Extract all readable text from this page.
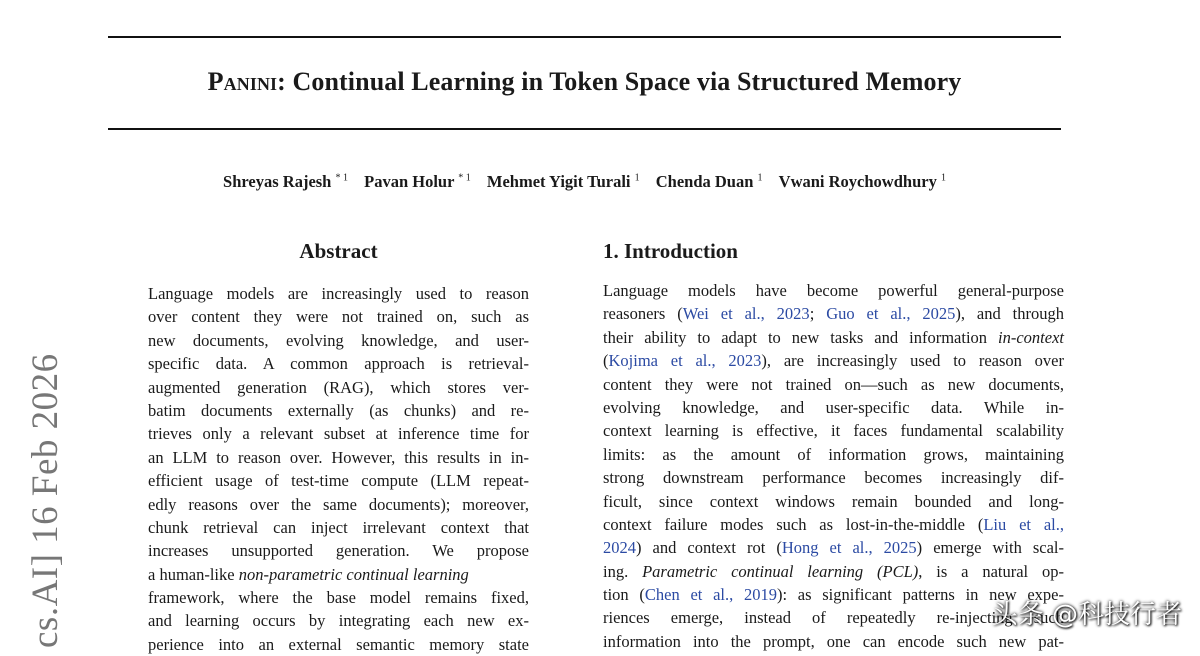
Panini: Continual Learning in Token Space via Structured Memory
Shreyas Rajesh $^{* 1}$ Pavan Holur $^{* 1}$ Mehmet Yigit Turali $^1$ Chenda Duan $^1$ Vwani Roychowdhury $^1$
cs.AI] 16 Feb 2026
Abstract
Language models are increasingly used to reason
over content they were not trained on, such as
new documents, evolving knowledge, and user-
specific data. A common approach is retrieval-
augmented generation (RAG), which stores ver-
batim documents externally (as chunks) and re-
trieves only a relevant subset at inference time for
an LLM to reason over. However, this results in in-
efficient usage of test-time compute (LLM repeat-
edly reasons over the same documents); moreover,
chunk retrieval can inject irrelevant context that
increases unsupported generation. We propose
a human-like non-parametric continual learning
framework, where the base model remains fixed,
and learning occurs by integrating each new ex-
perience into an external semantic memory state
1. Introduction
Language models have become powerful general-purpose
reasoners (Wei et al., 2023; Guo et al., 2025), and through
their ability to adapt to new tasks and information in-context
(Kojima et al., 2023), are increasingly used to reason over
content they were not trained on—such as new documents,
evolving knowledge, and user-specific data. While in-
context learning is effective, it faces fundamental scalability
limits: as the amount of information grows, maintaining
strong downstream performance becomes increasingly dif-
ficult, since context windows remain bounded and long-
context failure modes such as lost-in-the-middle (Liu et al.,
2024) and context rot (Hong et al., 2025) emerge with scal-
ing. Parametric continual learning (PCL), is a natural op-
tion (Chen et al., 2019): as significant patterns in new expe-
riences emerge, instead of repeatedly re-injecting such
information into the prompt, one can encode such new pat-
头条 @科技行者
